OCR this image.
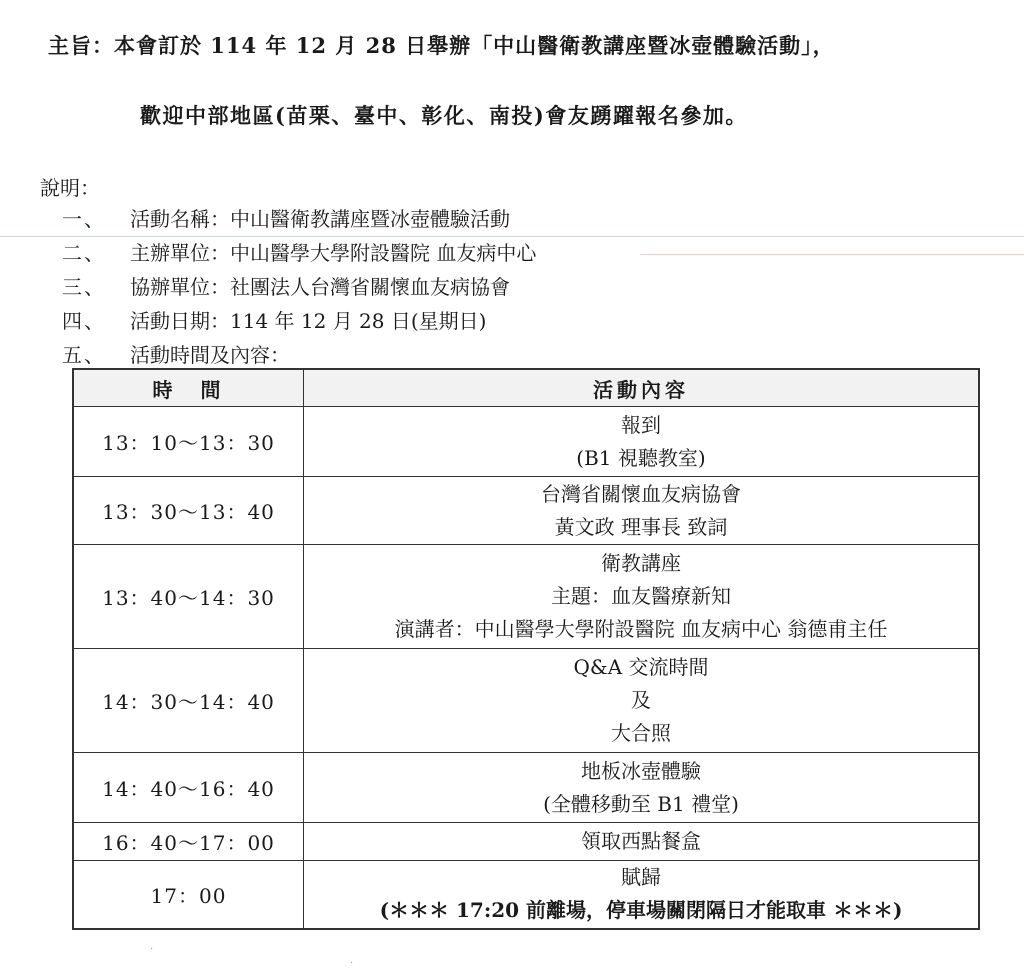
主旨：本會訂於 114 年 12 月 28 日舉辦「中山醫衛教講座暨冰壺體驗活動」，
歡迎中部地區(苗栗、臺中、彰化、南投)會友踴躍報名參加。
說明：
一、 活動名稱：中山醫衛教講座暨冰壺體驗活動
二、 主辦單位：中山醫學大學附設醫院 血友病中心
三、 協辦單位：社團法人台灣省關懷血友病協會
四、 活動日期：114 年 12 月 28 日(星期日)
五、 活動時間及內容：
時　間	活動內容
13：10～13：30	報到
(B1 視聽教室)

13：30～13：40	台灣省關懷血友病協會
黃文政 理事長 致詞

13：40～14：30	衛教講座
主題：血友醫療新知
演講者：中山醫學大學附設醫院 血友病中心 翁德甫主任

14：30～14：40	Q&A 交流時間
及
大合照

14：40～16：40	地板冰壺體驗
(全體移動至 B1 禮堂)

16：40～17：00	領取西點餐盒

17：00	賦歸
(＊＊＊ 17:20 前離場，停車場關閉隔日才能取車 ＊＊＊)
·
·
